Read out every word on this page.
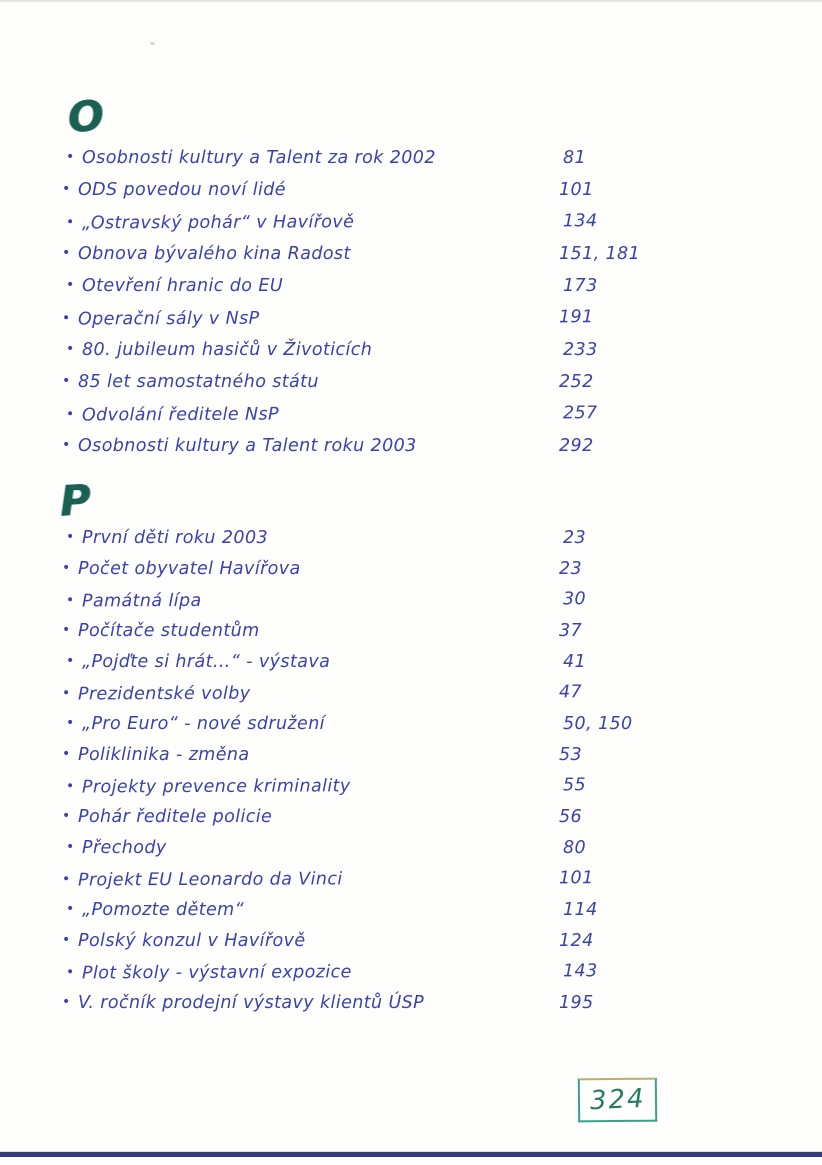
O
• Osobnosti kultury a Talent za rok 2002	81
• ODS povedou noví lidé	101
• „Ostravský pohár“ v Havířově	134
• Obnova bývalého kina Radost	151, 181
• Otevření hranic do EU	173
• Operační sály v NsP	191
• 80. jubileum hasičů v Životicích	233
• 85 let samostatného státu	252
• Odvolání ředitele NsP	257
• Osobnosti kultury a Talent roku 2003	292
P
• První děti roku 2003	23
• Počet obyvatel Havířova	23
• Památná lípa	30
• Počítače studentům	37
• „Pojďte si hrát…“ - výstava	41
• Prezidentské volby	47
• „Pro Euro“ - nové sdružení	50, 150
• Poliklinika - změna	53
• Projekty prevence kriminality	55
• Pohár ředitele policie	56
• Přechody	80
• Projekt EU Leonardo da Vinci	101
• „Pomozte dětem“	114
• Polský konzul v Havířově	124
• Plot školy - výstavní expozice	143
• V. ročník prodejní výstavy klientů ÚSP	195
324
